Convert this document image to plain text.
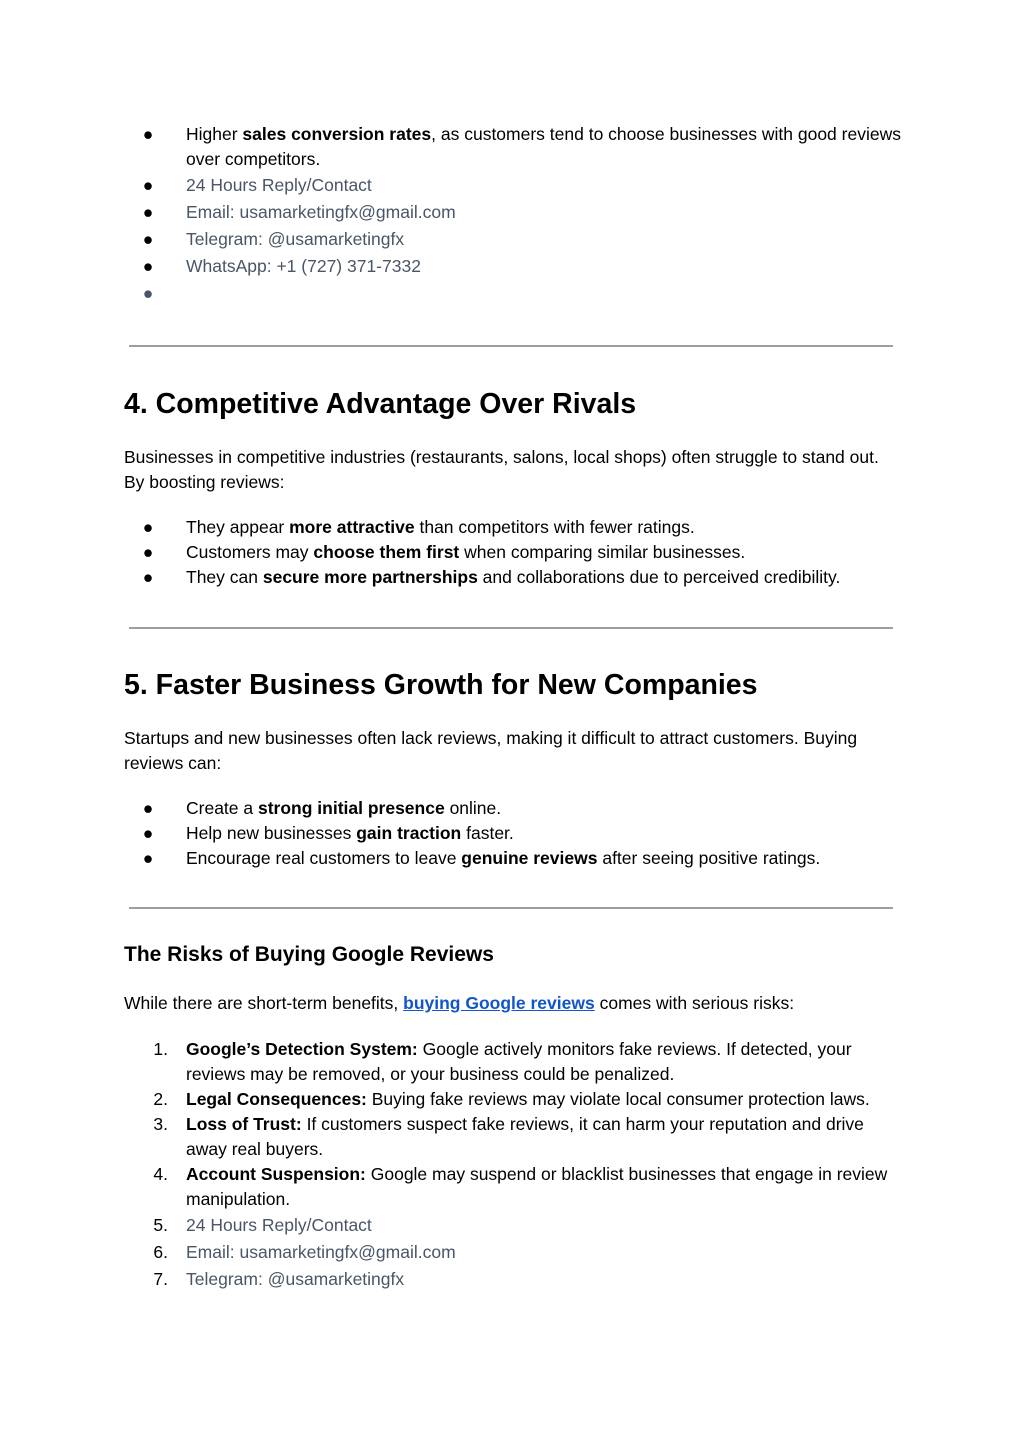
●	Higher sales conversion rates, as customers tend to choose businesses with good reviews over competitors.
●	24 Hours Reply/Contact
●	Email: usamarketingfx@gmail.com
●	Telegram: @usamarketingfx
●	WhatsApp: +1 (727) 371-7332
●

4. Competitive Advantage Over Rivals

Businesses in competitive industries (restaurants, salons, local shops) often struggle to stand out. By boosting reviews:

●	They appear more attractive than competitors with fewer ratings.
●	Customers may choose them first when comparing similar businesses.
●	They can secure more partnerships and collaborations due to perceived credibility.
5. Faster Business Growth for New Companies

Startups and new businesses often lack reviews, making it difficult to attract customers. Buying reviews can:

●	Create a strong initial presence online.
●	Help new businesses gain traction faster.
●	Encourage real customers to leave genuine reviews after seeing positive ratings.
The Risks of Buying Google Reviews

While there are short-term benefits, buying Google reviews comes with serious risks:

1. Google’s Detection System: Google actively monitors fake reviews. If detected, your reviews may be removed, or your business could be penalized.
2. Legal Consequences: Buying fake reviews may violate local consumer protection laws.
3. Loss of Trust: If customers suspect fake reviews, it can harm your reputation and drive away real buyers.
4. Account Suspension: Google may suspend or blacklist businesses that engage in review manipulation.
5. 24 Hours Reply/Contact
6. Email: usamarketingfx@gmail.com
7. Telegram: @usamarketingfx
